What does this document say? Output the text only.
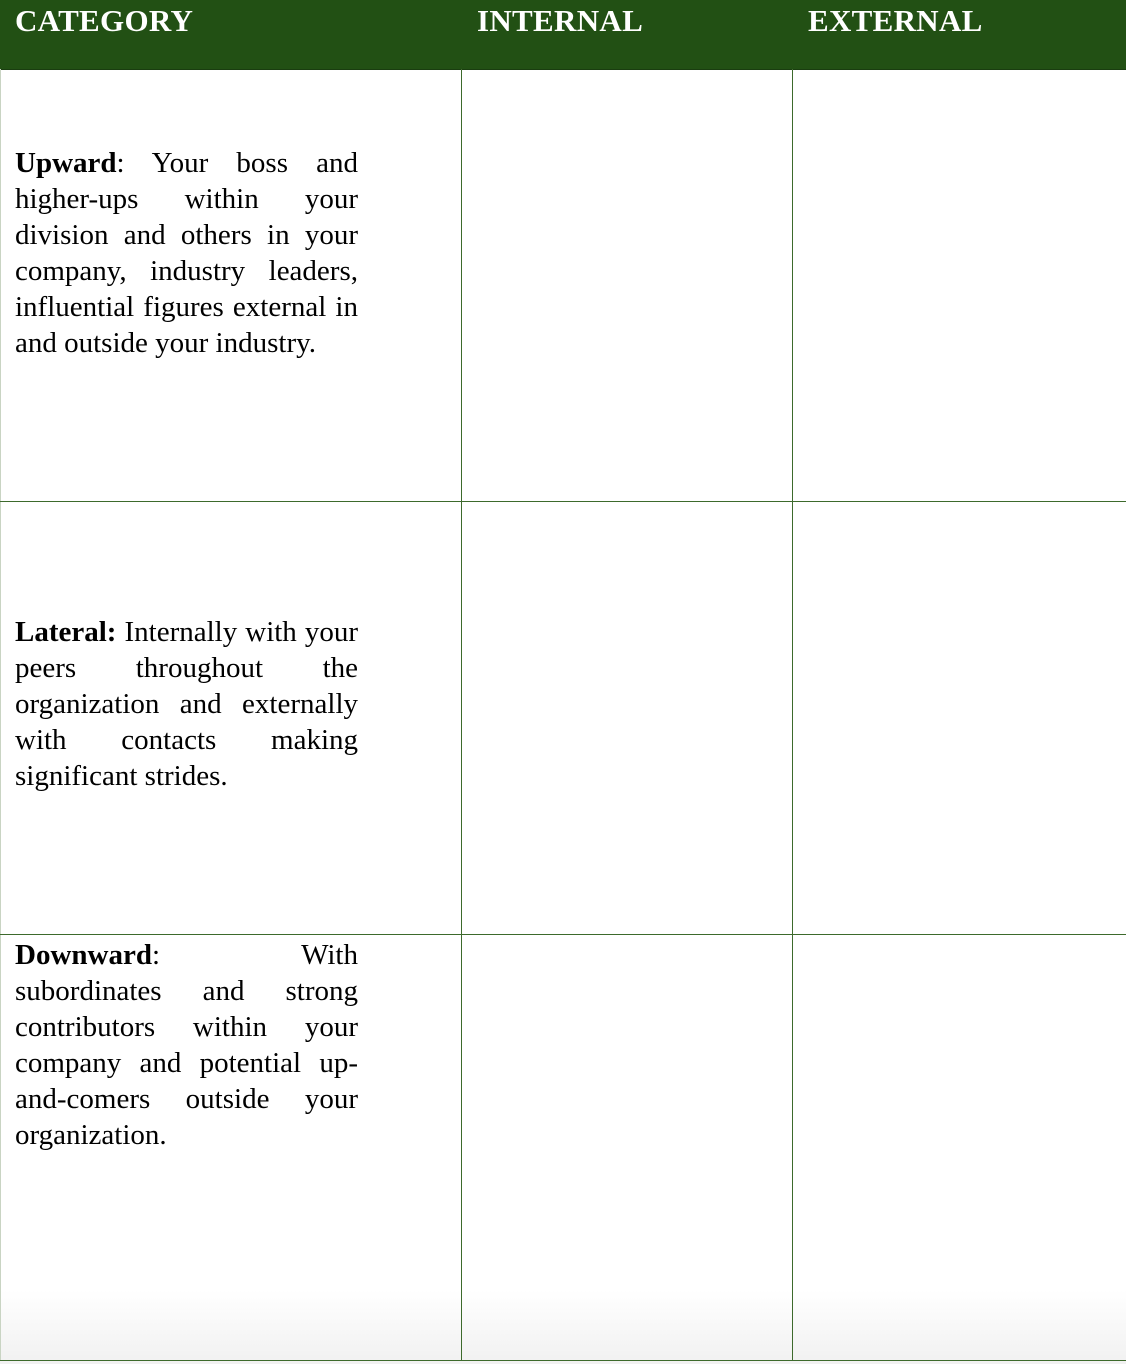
CATEGORY	INTERNAL	EXTERNAL

Upward: Your boss and higher-ups within your division and others in your company, industry leaders, influential figures external in and outside your industry.

Lateral: Internally with your peers throughout the organization and externally with contacts making significant strides.

Downward: With subordinates and strong contributors within your company and potential up-and-comers outside your organization.
